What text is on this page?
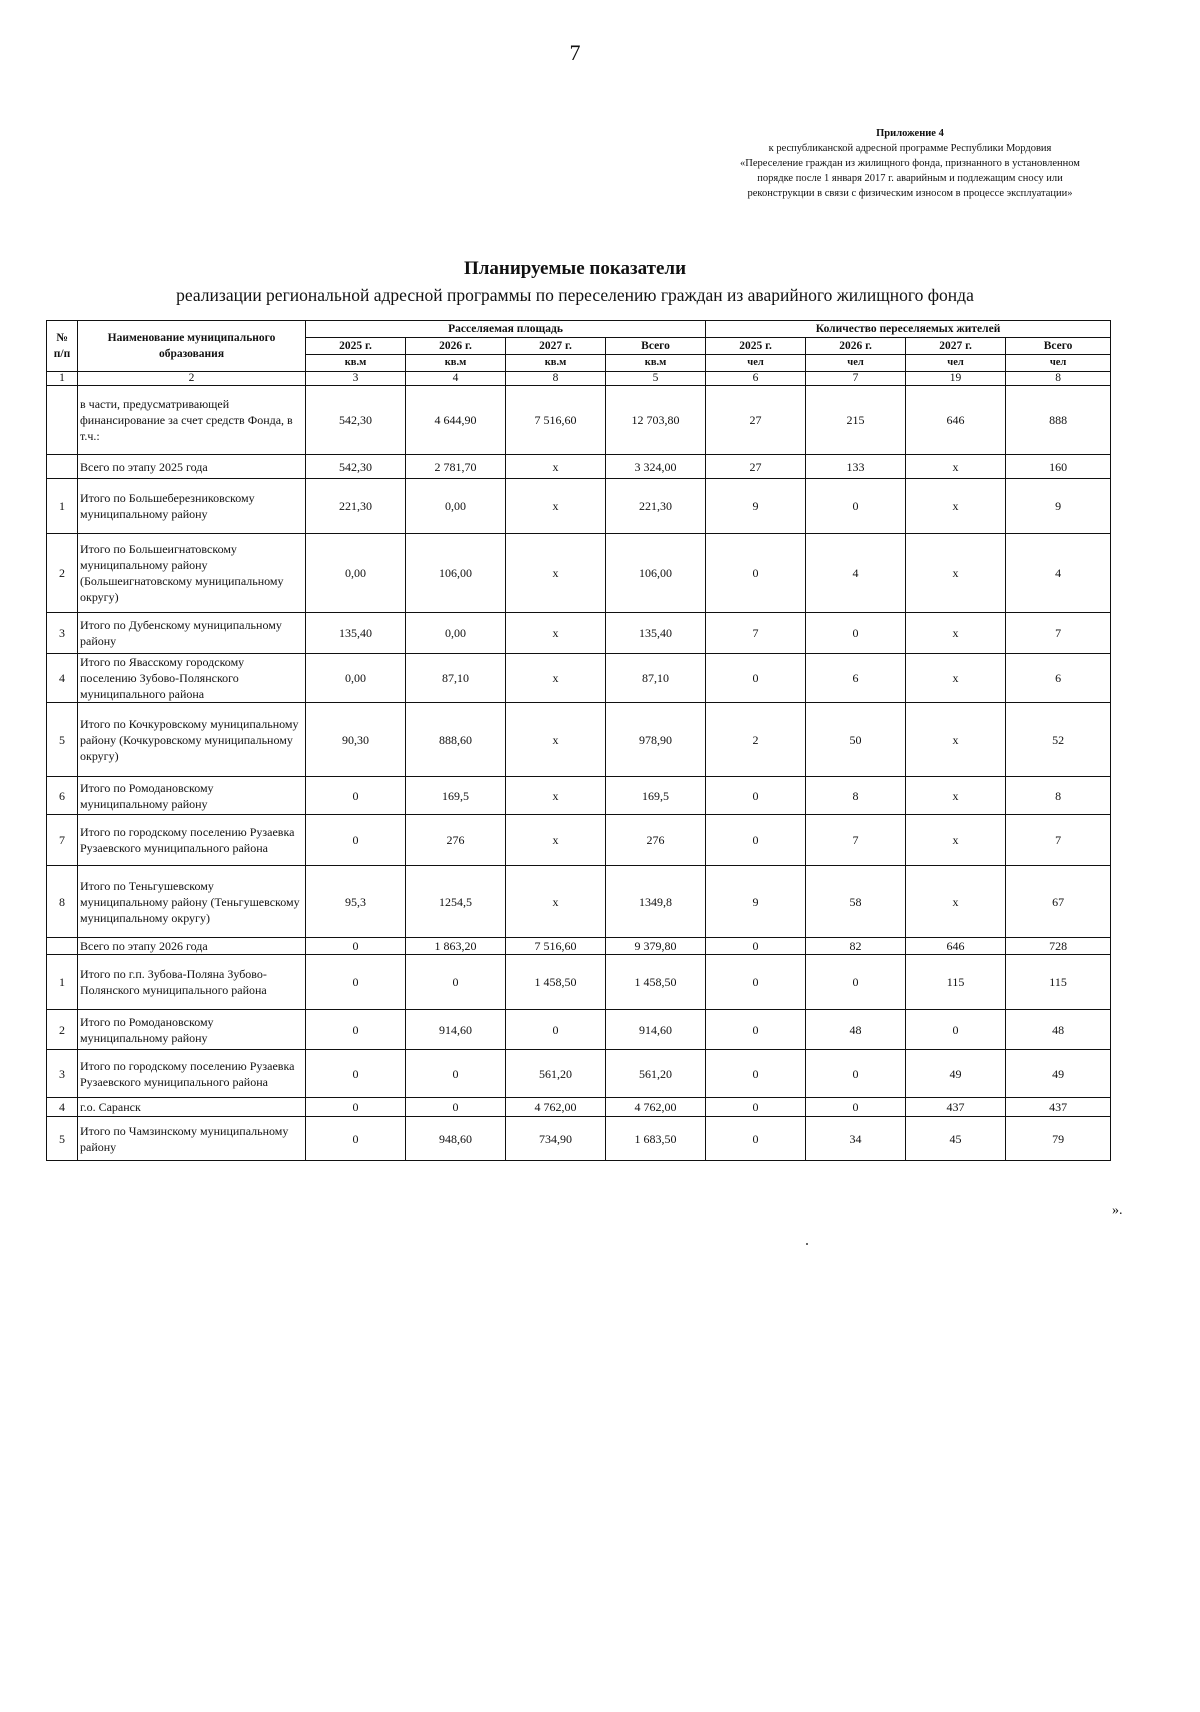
7
Приложение 4
к республиканской адресной программе Республики Мордовия
«Переселение граждан из жилищного фонда, признанного в установленном
порядке после 1 января 2017 г. аварийным и подлежащим сносу или
реконструкции в связи с физическим износом в процессе эксплуатации»
Планируемые показатели
реализации региональной адресной программы по переселению граждан из аварийного жилищного фонда
№ п/п	Наименование муниципального образования	Расселяемая площадь				Количество переселяемых жителей			
		2025 г.	2026 г.	2027 г.	Всего	2025 г.	2026 г.	2027 г.	Всего
		кв.м	кв.м	кв.м	кв.м	чел	чел	чел	чел
1	2	3	4	8	5	6	7	19	8
	в части, предусматривающей финансирование за счет средств Фонда, в т.ч.:	542,30	4 644,90	7 516,60	12 703,80	27	215	646	888
	Всего по этапу 2025 года	542,30	2 781,70	x	3 324,00	27	133	x	160
1	Итого по Большеберезниковскому муниципальному району	221,30	0,00	x	221,30	9	0	x	9
2	Итого по Большеигнатовскому муниципальному району (Большеигнатовскому муниципальному округу)	0,00	106,00	x	106,00	0	4	x	4
3	Итого по Дубенскому муниципальному району	135,40	0,00	x	135,40	7	0	x	7
4	Итого по Явасскому городскому поселению Зубово-Полянского муниципального района	0,00	87,10	x	87,10	0	6	x	6
5	Итого по Кочкуровскому муниципальному району (Кочкуровскому муниципальному округу)	90,30	888,60	x	978,90	2	50	x	52
6	Итого по Ромодановскому муниципальному району	0	169,5	x	169,5	0	8	x	8
7	Итого по городскому поселению Рузаевка Рузаевского муниципального района	0	276	x	276	0	7	x	7
8	Итого по Теньгушевскому муниципальному району (Теньгушевскому муниципальному округу)	95,3	1254,5	x	1349,8	9	58	x	67
	Всего по этапу 2026 года	0	1 863,20	7 516,60	9 379,80	0	82	646	728
1	Итого по г.п. Зубова-Поляна Зубово-Полянского муниципального района	0	0	1 458,50	1 458,50	0	0	115	115
2	Итого по Ромодановскому муниципальному району	0	914,60	0	914,60	0	48	0	48
3	Итого по городскому поселению Рузаевка Рузаевского муниципального района	0	0	561,20	561,20	0	0	49	49
4	г.о. Саранск	0	0	4 762,00	4 762,00	0	0	437	437
5	Итого по Чамзинскому муниципальному району	0	948,60	734,90	1 683,50	0	34	45	79
».
